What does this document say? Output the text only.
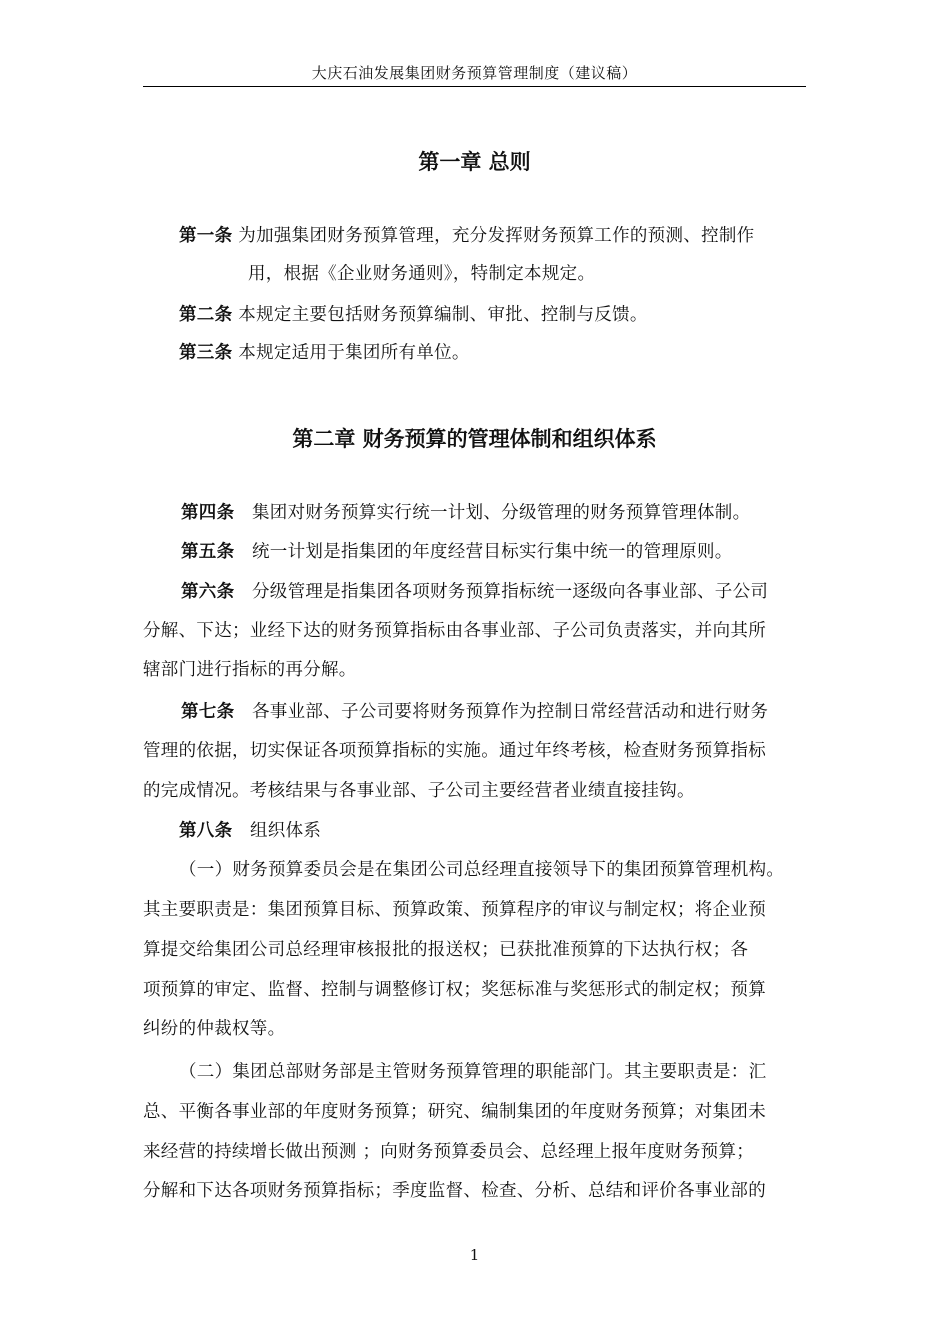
大庆石油发展集团财务预算管理制度（建议稿）
第一章 总则
第一条 为加强集团财务预算管理，充分发挥财务预算工作的预测、控制作
用，根据《企业财务通则》，特制定本规定。
第二条 本规定主要包括财务预算编制、审批、控制与反馈。
第三条 本规定适用于集团所有单位。
第二章 财务预算的管理体制和组织体系
第四条 集团对财务预算实行统一计划、分级管理的财务预算管理体制。
第五条 统一计划是指集团的年度经营目标实行集中统一的管理原则。
第六条 分级管理是指集团各项财务预算指标统一逐级向各事业部、子公司
分解、下达；业经下达的财务预算指标由各事业部、子公司负责落实，并向其所
辖部门进行指标的再分解。
第七条 各事业部、子公司要将财务预算作为控制日常经营活动和进行财务
管理的依据，切实保证各项预算指标的实施。通过年终考核，检查财务预算指标
的完成情况。考核结果与各事业部、子公司主要经营者业绩直接挂钩。
第八条 组织体系
（一）财务预算委员会是在集团公司总经理直接领导下的集团预算管理机构。
其主要职责是：集团预算目标、预算政策、预算程序的审议与制定权；将企业预
算提交给集团公司总经理审核报批的报送权；已获批准预算的下达执行权；各
项预算的审定、监督、控制与调整修订权；奖惩标准与奖惩形式的制定权；预算
纠纷的仲裁权等。
（二）集团总部财务部是主管财务预算管理的职能部门。其主要职责是：汇
总、平衡各事业部的年度财务预算；研究、编制集团的年度财务预算；对集团未
来经营的持续增长做出预测 ；向财务预算委员会、总经理上报年度财务预算；
分解和下达各项财务预算指标；季度监督、检查、分析、总结和评价各事业部的
1
